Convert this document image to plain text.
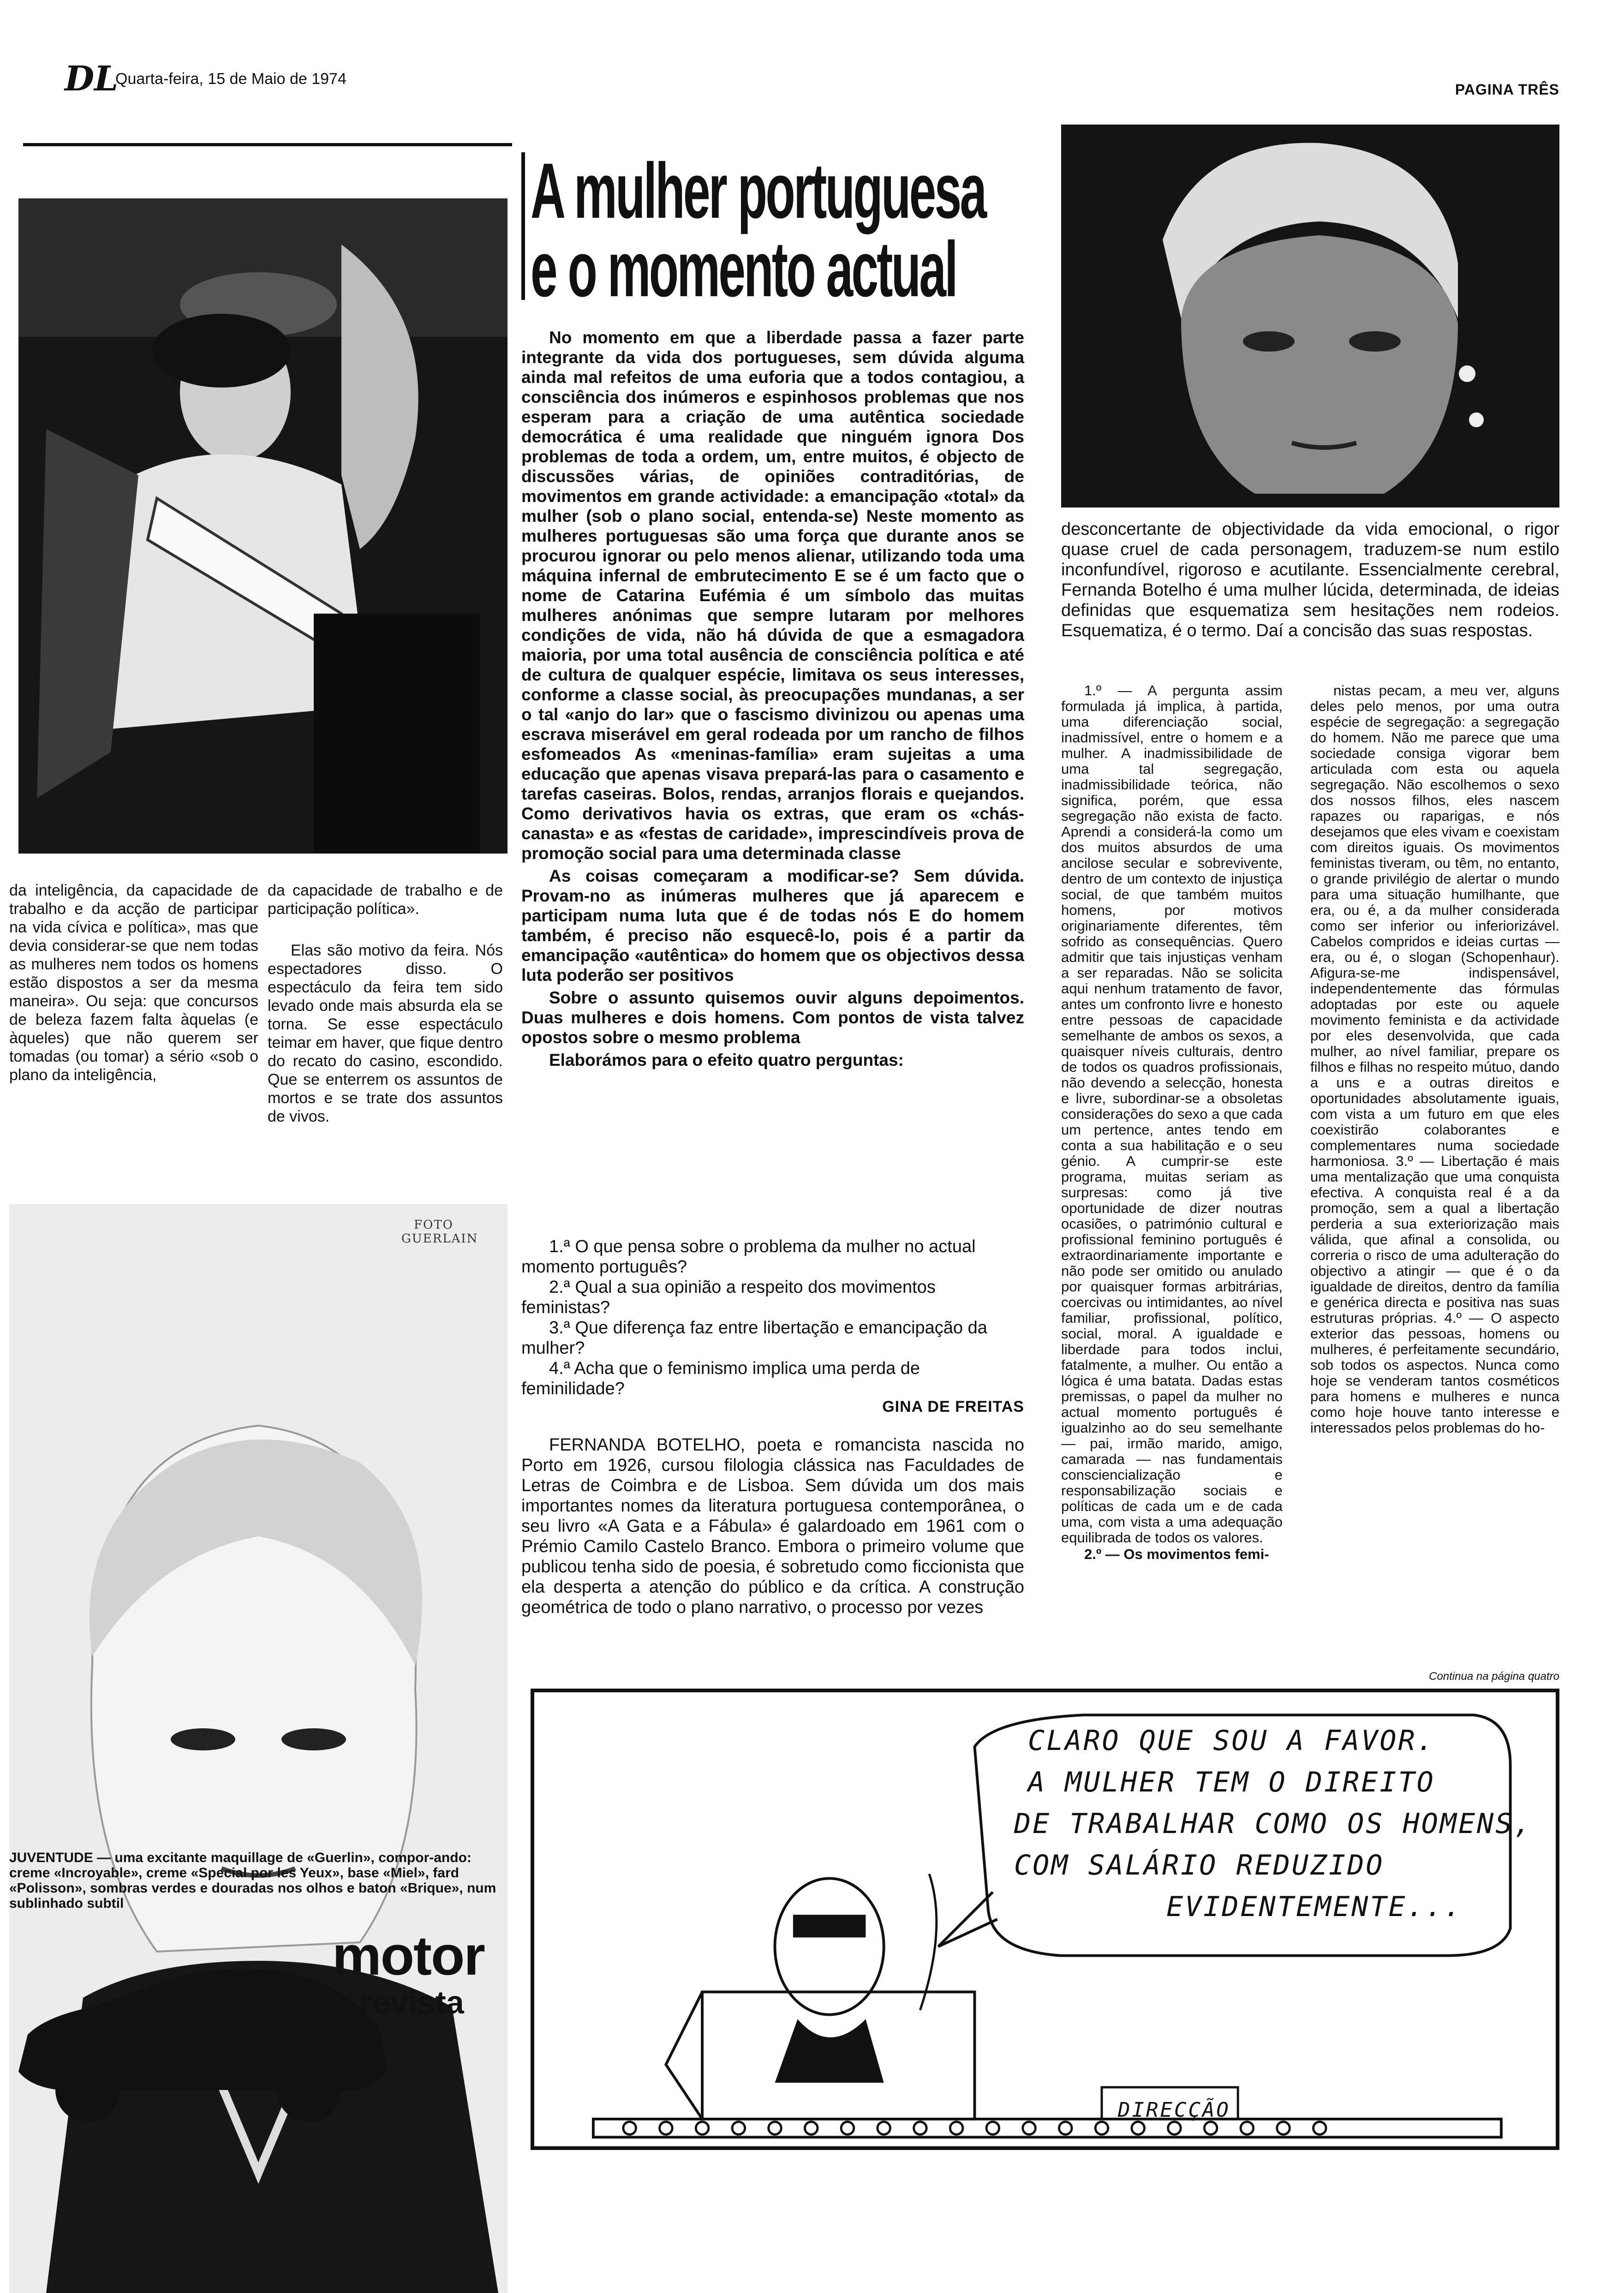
DL
Quarta-feira, 15 de Maio de 1974
PAGINA TRÊS
da inteligência, da capacidade de trabalho e da acção de participar na vida cívica e política», mas que devia considerar-se que nem todas as mulheres nem todos os homens estão dispostos a ser da mesma maneira». Ou seja: que concursos de beleza fazem falta àquelas (e àqueles) que não querem ser tomadas (ou tomar) a sério «sob o plano da inteligência,
da capacidade de trabalho e de participação política».
Elas são motivo da feira. Nós espectadores disso. O espectáculo da feira tem sido levado onde mais absurda ela se torna. Se esse espectáculo teimar em haver, que fique dentro do recato do casino, escondido. Que se enterrem os assuntos de mortos e se trate dos assuntos de vivos.
FOTO GUERLAIN
JUVENTUDE — uma excitante maquillage de «Guerlin», compor-ando: creme «Incroyable», creme «Special por les Yeux», base «Miel», fard «Polisson», sombras verdes e douradas nos olhos e baton «Brique», num sublinhado subtil
motor
revista
A mulher portuguesa
e o momento actual

No momento em que a liberdade passa a fazer parte integrante da vida dos portugueses, sem dúvida alguma ainda mal refeitos de uma euforia que a todos contagiou, a consciência dos inúmeros e espinhosos problemas que nos esperam para a criação de uma autêntica sociedade democrática é uma realidade que ninguém ignora Dos problemas de toda a ordem, um, entre muitos, é objecto de discussões várias, de opiniões contraditórias, de movimentos em grande actividade: a emancipação «total» da mulher (sob o plano social, entenda-se) Neste momento as mulheres portuguesas são uma força que durante anos se procurou ignorar ou pelo menos alienar, utilizando toda uma máquina infernal de embrutecimento E se é um facto que o nome de Catarina Eufémia é um símbolo das muitas mulheres anónimas que sempre lutaram por melhores condições de vida, não há dúvida de que a esmagadora maioria, por uma total ausência de consciência política e até de cultura de qualquer espécie, limitava os seus interesses, conforme a classe social, às preocupações mundanas, a ser o tal «anjo do lar» que o fascismo divinizou ou apenas uma escrava miserável em geral rodeada por um rancho de filhos esfomeados As «meninas-família» eram sujeitas a uma educação que apenas visava prepará-las para o casamento e tarefas caseiras. Bolos, rendas, arranjos florais e quejandos. Como derivativos havia os extras, que eram os «chás-canasta» e as «festas de caridade», imprescindíveis prova de promoção social para uma determinada classe

As coisas começaram a modificar-se? Sem dúvida. Provam-no as inúmeras mulheres que já aparecem e participam numa luta que é de todas nós E do homem também, é preciso não esquecê-lo, pois é a partir da emancipação «autêntica» do homem que os objectivos dessa luta poderão ser positivos

Sobre o assunto quisemos ouvir alguns depoimentos. Duas mulheres e dois homens. Com pontos de vista talvez opostos sobre o mesmo problema

Elaborámos para o efeito quatro perguntas:

1.ª O que pensa sobre o problema da mulher no actual momento português?

2.ª Qual a sua opinião a respeito dos movimentos feministas?

3.ª Que diferença faz entre libertação e emancipação da mulher?

4.ª Acha que o feminismo implica uma perda de feminilidade?

GINA DE FREITAS

FERNANDA BOTELHO, poeta e romancista nascida no Porto em 1926, cursou filologia clássica nas Faculdades de Letras de Coimbra e de Lisboa. Sem dúvida um dos mais importantes nomes da literatura portuguesa contemporânea, o seu livro «A Gata e a Fábula» é galardoado em 1961 com o Prémio Camilo Castelo Branco. Embora o primeiro volume que publicou tenha sido de poesia, é sobretudo como ficcionista que ela desperta a atenção do público e da crítica. A construção geométrica de todo o plano narrativo, o processo por vezes

desconcertante de objectividade da vida emocional, o rigor quase cruel de cada personagem, traduzem-se num estilo inconfundível, rigoroso e acutilante. Essencialmente cerebral, Fernanda Botelho é uma mulher lúcida, determinada, de ideias definidas que esquematiza sem hesitações nem rodeios. Esquematiza, é o termo. Daí a concisão das suas respostas.

1.º — A pergunta assim formulada já implica, à partida, uma diferenciação social, inadmissível, entre o homem e a mulher. A inadmissibilidade de uma tal segregação, inadmissibilidade teórica, não significa, porém, que essa segregação não exista de facto. Aprendi a considerá-la como um dos muitos absurdos de uma ancilose secular e sobrevivente, dentro de um contexto de injustiça social, de que também muitos homens, por motivos originariamente diferentes, têm sofrido as consequências. Quero admitir que tais injustiças venham a ser reparadas. Não se solicita aqui nenhum tratamento de favor, antes um confronto livre e honesto entre pessoas de capacidade semelhante de ambos os sexos, a quaisquer níveis culturais, dentro de todos os quadros profissionais, não devendo a selecção, honesta e livre, subordinar-se a obsoletas considerações do sexo a que cada um pertence, antes tendo em conta a sua habilitação e o seu génio. A cumprir-se este programa, muitas seriam as surpresas: como já tive oportunidade de dizer noutras ocasiões, o património cultural e profissional feminino português é extraordinariamente importante e não pode ser omitido ou anulado por quaisquer formas arbitrárias, coercivas ou intimidantes, ao nível familiar, profissional, político, social, moral. A igualdade e liberdade para todos inclui, fatalmente, a mulher. Ou então a lógica é uma batata. Dadas estas premissas, o papel da mulher no actual momento português é igualzinho ao do seu semelhante — pai, irmão marido, amigo, camarada — nas fundamentais consciencialização e responsabilização sociais e políticas de cada um e de cada uma, com vista a uma adequação equilibrada de todos os valores.

2.º — Os movimentos femi-

nistas pecam, a meu ver, alguns deles pelo menos, por uma outra espécie de segregação: a segregação do homem. Não me parece que uma sociedade consiga vigorar bem articulada com esta ou aquela segregação. Não escolhemos o sexo dos nossos filhos, eles nascem rapazes ou raparigas, e nós desejamos que eles vivam e coexistam com direitos iguais. Os movimentos feministas tiveram, ou têm, no entanto, o grande privilégio de alertar o mundo para uma situação humilhante, que era, ou é, a da mulher considerada como ser inferior ou inferiorizável. Cabelos compridos e ideias curtas — era, ou é, o slogan (Schopenhaur). Afigura-se-me indispensável, independentemente das fórmulas adoptadas por este ou aquele movimento feminista e da actividade por eles desenvolvida, que cada mulher, ao nível familiar, prepare os filhos e filhas no respeito mútuo, dando a uns e a outras direitos e oportunidades absolutamente iguais, com vista a um futuro em que eles coexistirão colaborantes e complementares numa sociedade harmoniosa. 3.º — Libertação é mais uma mentalização que uma conquista efectiva. A conquista real é a da promoção, sem a qual a libertação perderia a sua exteriorização mais válida, que afinal a consolida, ou correria o risco de uma adulteração do objectivo a atingir — que é o da igualdade de direitos, dentro da família e genérica directa e positiva nas suas estruturas próprias. 4.º — O aspecto exterior das pessoas, homens ou mulheres, é perfeitamente secundário, sob todos os aspectos. Nunca como hoje se venderam tantos cosméticos para homens e mulheres e nunca como hoje houve tanto interesse e interessados pelos problemas do ho-

Continua na página quatro
CLARO QUE SOU A FAVOR.
A MULHER TEM O DIREITO
DE TRABALHAR COMO OS HOMENS,
COM SALÁRIO REDUZIDO
EVIDENTEMENTE...
DIRECÇÃO
